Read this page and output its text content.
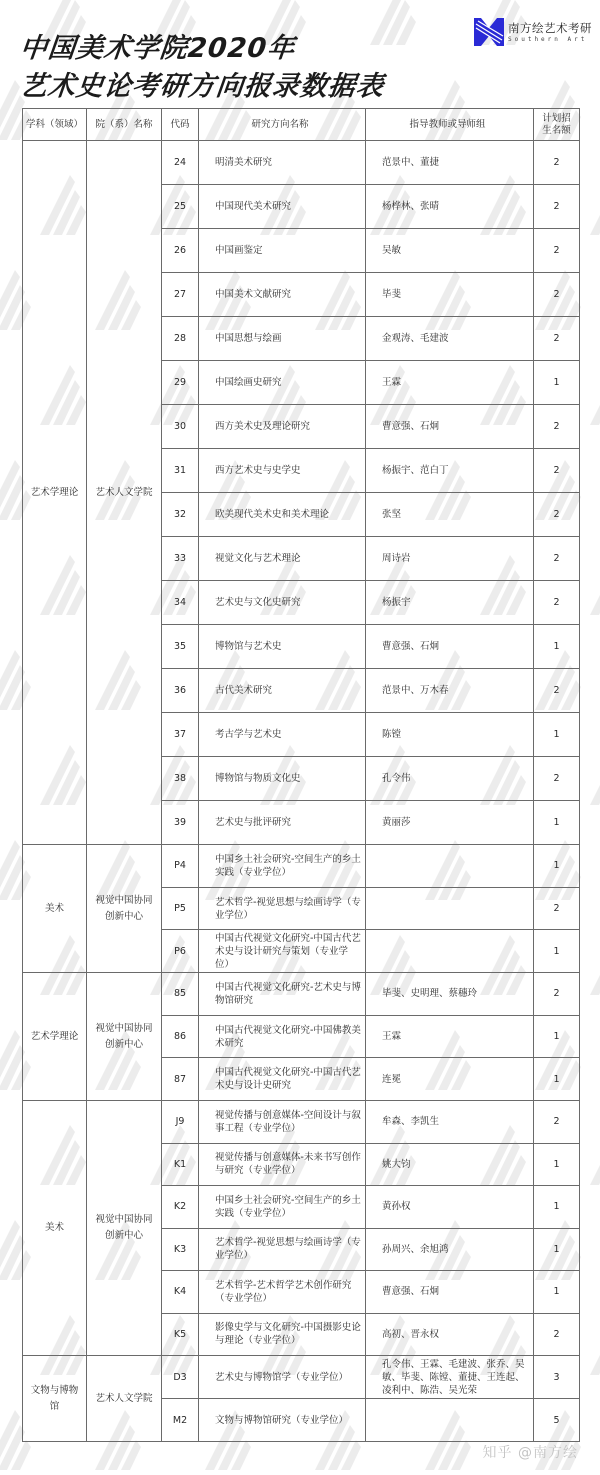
中国美术学院2020年
艺术史论考研方向报录数据表
南方绘艺术考研
Southern Art
学科（领域）	院（系）名称	代码	研究方向名称	指导教师或导师组	计划招生名额
艺术学理论	艺术人文学院	24	明清美术研究	范景中、董捷	2
		25	中国现代美术研究	杨桦林、张晴	2
		26	中国画鉴定	吴敏	2
		27	中国美术文献研究	毕斐	2
		28	中国思想与绘画	金观涛、毛建波	2
		29	中国绘画史研究	王霖	1
		30	西方美术史及理论研究	曹意强、石炯	2
		31	西方艺术史与史学史	杨振宇、范白丁	2
		32	欧美现代美术史和美术理论	张坚	2
		33	视觉文化与艺术理论	周诗岩	2
		34	艺术史与文化史研究	杨振宇	2
		35	博物馆与艺术史	曹意强、石炯	1
		36	古代美术研究	范景中、万木春	2
		37	考古学与艺术史	陈镗	1
		38	博物馆与物质文化史	孔令伟	2
		39	艺术史与批评研究	黄丽莎	1
美术	视觉中国协同创新中心	P4	中国乡土社会研究-空间生产的乡土实践（专业学位）		1
		P5	艺术哲学-视觉思想与绘画诗学（专业学位）		2
		P6	中国古代视觉文化研究-中国古代艺术史与设计研究与策划（专业学位）		1
艺术学理论	视觉中国协同创新中心	85	中国古代视觉文化研究-艺术史与博物馆研究	毕斐、史明理、蔡穗玲	2
		86	中国古代视觉文化研究-中国佛教美术研究	王霖	1
		87	中国古代视觉文化研究-中国古代艺术史与设计史研究	连冕	1
美术	视觉中国协同创新中心	J9	视觉传播与创意媒体-空间设计与叙事工程（专业学位）	牟森、李凯生	2
		K1	视觉传播与创意媒体-未来书写创作与研究（专业学位）	姚大钧	1
		K2	中国乡土社会研究-空间生产的乡土实践（专业学位）	黄孙权	1
		K3	艺术哲学-视觉思想与绘画诗学（专业学位）	孙周兴、余旭鸿	1
		K4	艺术哲学-艺术哲学艺术创作研究（专业学位）	曹意强、石炯	1
		K5	影像史学与文化研究-中国摄影史论与理论（专业学位）	高初、晋永权	2
文物与博物馆	艺术人文学院	D3	艺术史与博物馆学（专业学位）	孔令伟、王霖、毛建波、张乔、吴敏、毕斐、陈镗、董捷、王连起、凌利中、陈浩、吴光荣	3
		M2	文物与博物馆研究（专业学位）		5
知乎 @南方绘
